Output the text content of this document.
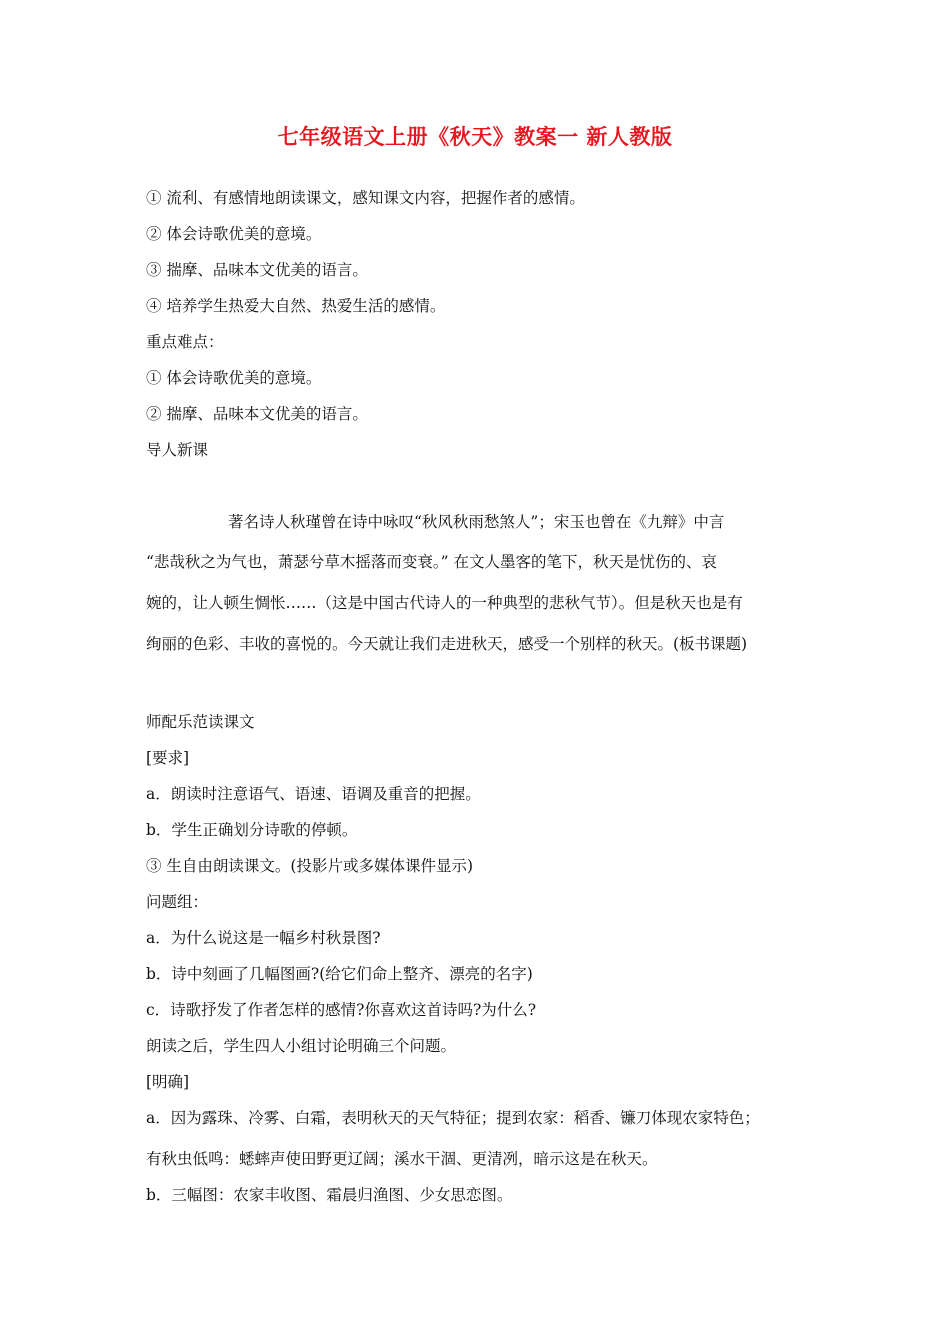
七年级语文上册《秋天》教案一 新人教版
① 流利、有感情地朗读课文，感知课文内容，把握作者的感情。
② 体会诗歌优美的意境。
③ 揣摩、品味本文优美的语言。
④ 培养学生热爱大自然、热爱生活的感情。
重点难点：
① 体会诗歌优美的意境。
② 揣摩、品味本文优美的语言。
导人新课
著名诗人秋瑾曾在诗中咏叹“秋风秋雨愁煞人”；宋玉也曾在《九辩》中言
“悲哉秋之为气也，萧瑟兮草木摇落而变衰。” 在文人墨客的笔下，秋天是忧伤的、哀
婉的，让人顿生惆怅……（这是中国古代诗人的一种典型的悲秋气节）。但是秋天也是有
绚丽的色彩、丰收的喜悦的。今天就让我们走进秋天，感受一个别样的秋天。(板书课题)
师配乐范读课文
[要求]
a．朗读时注意语气、语速、语调及重音的把握。
b．学生正确划分诗歌的停顿。
③ 生自由朗读课文。(投影片或多媒体课件显示)
问题组：
a．为什么说这是一幅乡村秋景图?
b．诗中刻画了几幅图画?(给它们命上整齐、漂亮的名字)
c．诗歌抒发了作者怎样的感情?你喜欢这首诗吗?为什么?
朗读之后，学生四人小组讨论明确三个问题。
[明确]
a．因为露珠、冷雾、白霜，表明秋天的天气特征；提到农家：稻香、镰刀体现农家特色；
有秋虫低鸣：蟋蟀声使田野更辽阔；溪水干涸、更清冽，暗示这是在秋天。
b．三幅图：农家丰收图、霜晨归渔图、少女思恋图。
